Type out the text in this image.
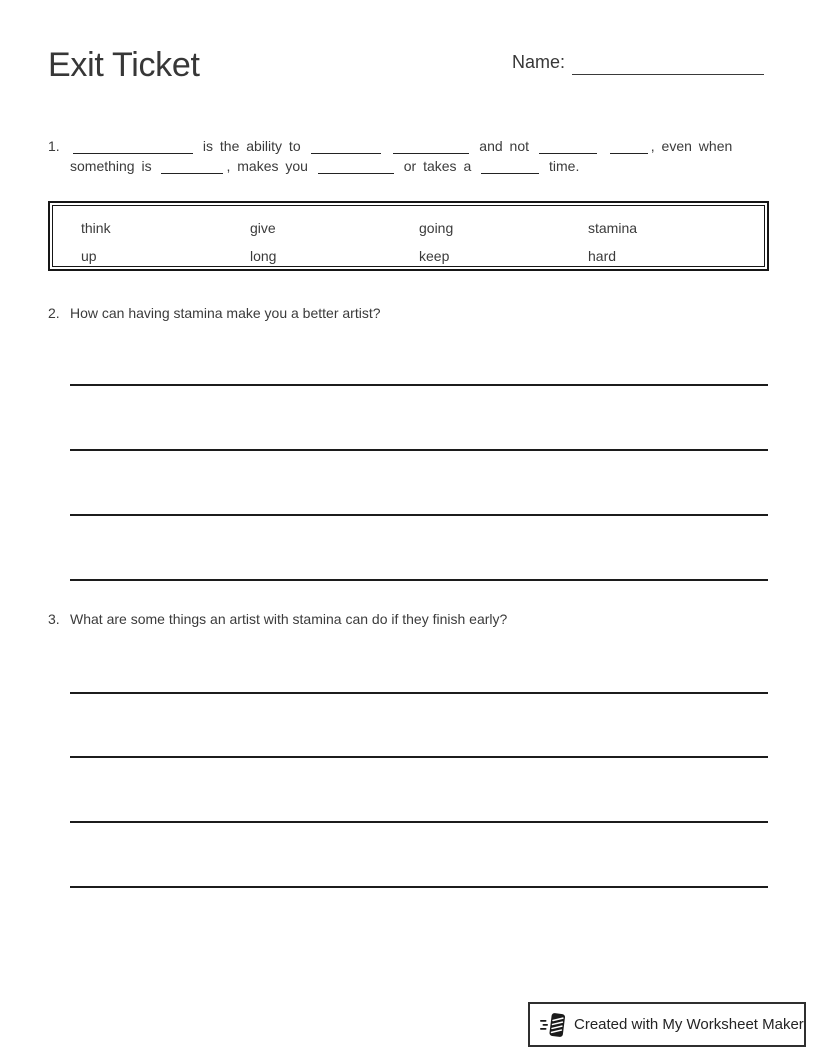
Exit Ticket	Name:
1.	is the ability to	and not	, even when
something is	, makes you	or takes a	time.
think	give	going	stamina
up	long	keep	hard
2. How can having stamina make you a better artist?
3. What are some things an artist with stamina can do if they finish early?
Created with My Worksheet Maker
